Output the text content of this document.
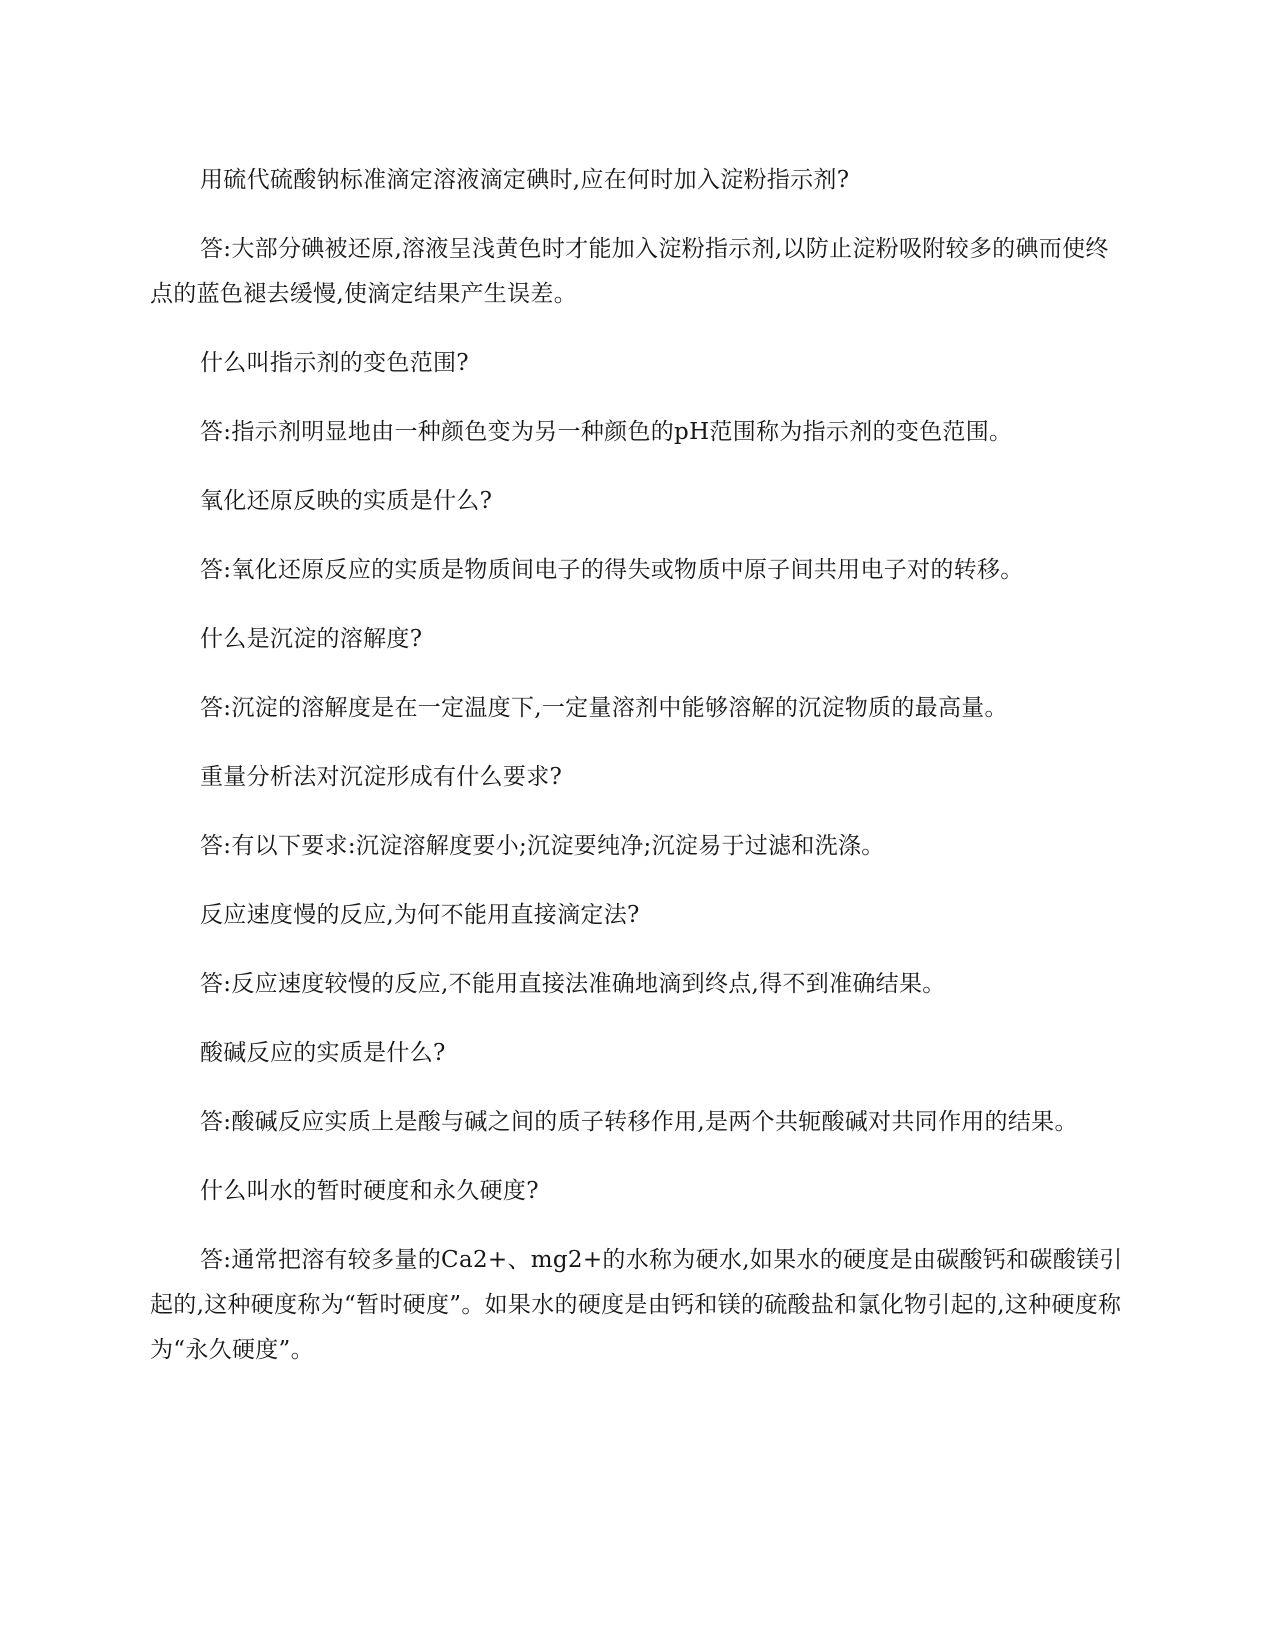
用硫代硫酸钠标准滴定溶液滴定碘时,应在何时加入淀粉指示剂?

答:大部分碘被还原,溶液呈浅黄色时才能加入淀粉指示剂,以防止淀粉吸附较多的碘而使终点的蓝色褪去缓慢,使滴定结果产生误差。

什么叫指示剂的变色范围?

答:指示剂明显地由一种颜色变为另一种颜色的pH范围称为指示剂的变色范围。

氧化还原反映的实质是什么?

答:氧化还原反应的实质是物质间电子的得失或物质中原子间共用电子对的转移。

什么是沉淀的溶解度?

答:沉淀的溶解度是在一定温度下,一定量溶剂中能够溶解的沉淀物质的最高量。

重量分析法对沉淀形成有什么要求?

答:有以下要求:沉淀溶解度要小;沉淀要纯净;沉淀易于过滤和洗涤。

反应速度慢的反应,为何不能用直接滴定法?

答:反应速度较慢的反应,不能用直接法准确地滴到终点,得不到准确结果。

酸碱反应的实质是什么?

答:酸碱反应实质上是酸与碱之间的质子转移作用,是两个共轭酸碱对共同作用的结果。

什么叫水的暂时硬度和永久硬度?

答:通常把溶有较多量的Ca2+、mg2+的水称为硬水,如果水的硬度是由碳酸钙和碳酸镁引起的,这种硬度称为“暂时硬度”。如果水的硬度是由钙和镁的硫酸盐和氯化物引起的,这种硬度称为“永久硬度”。
